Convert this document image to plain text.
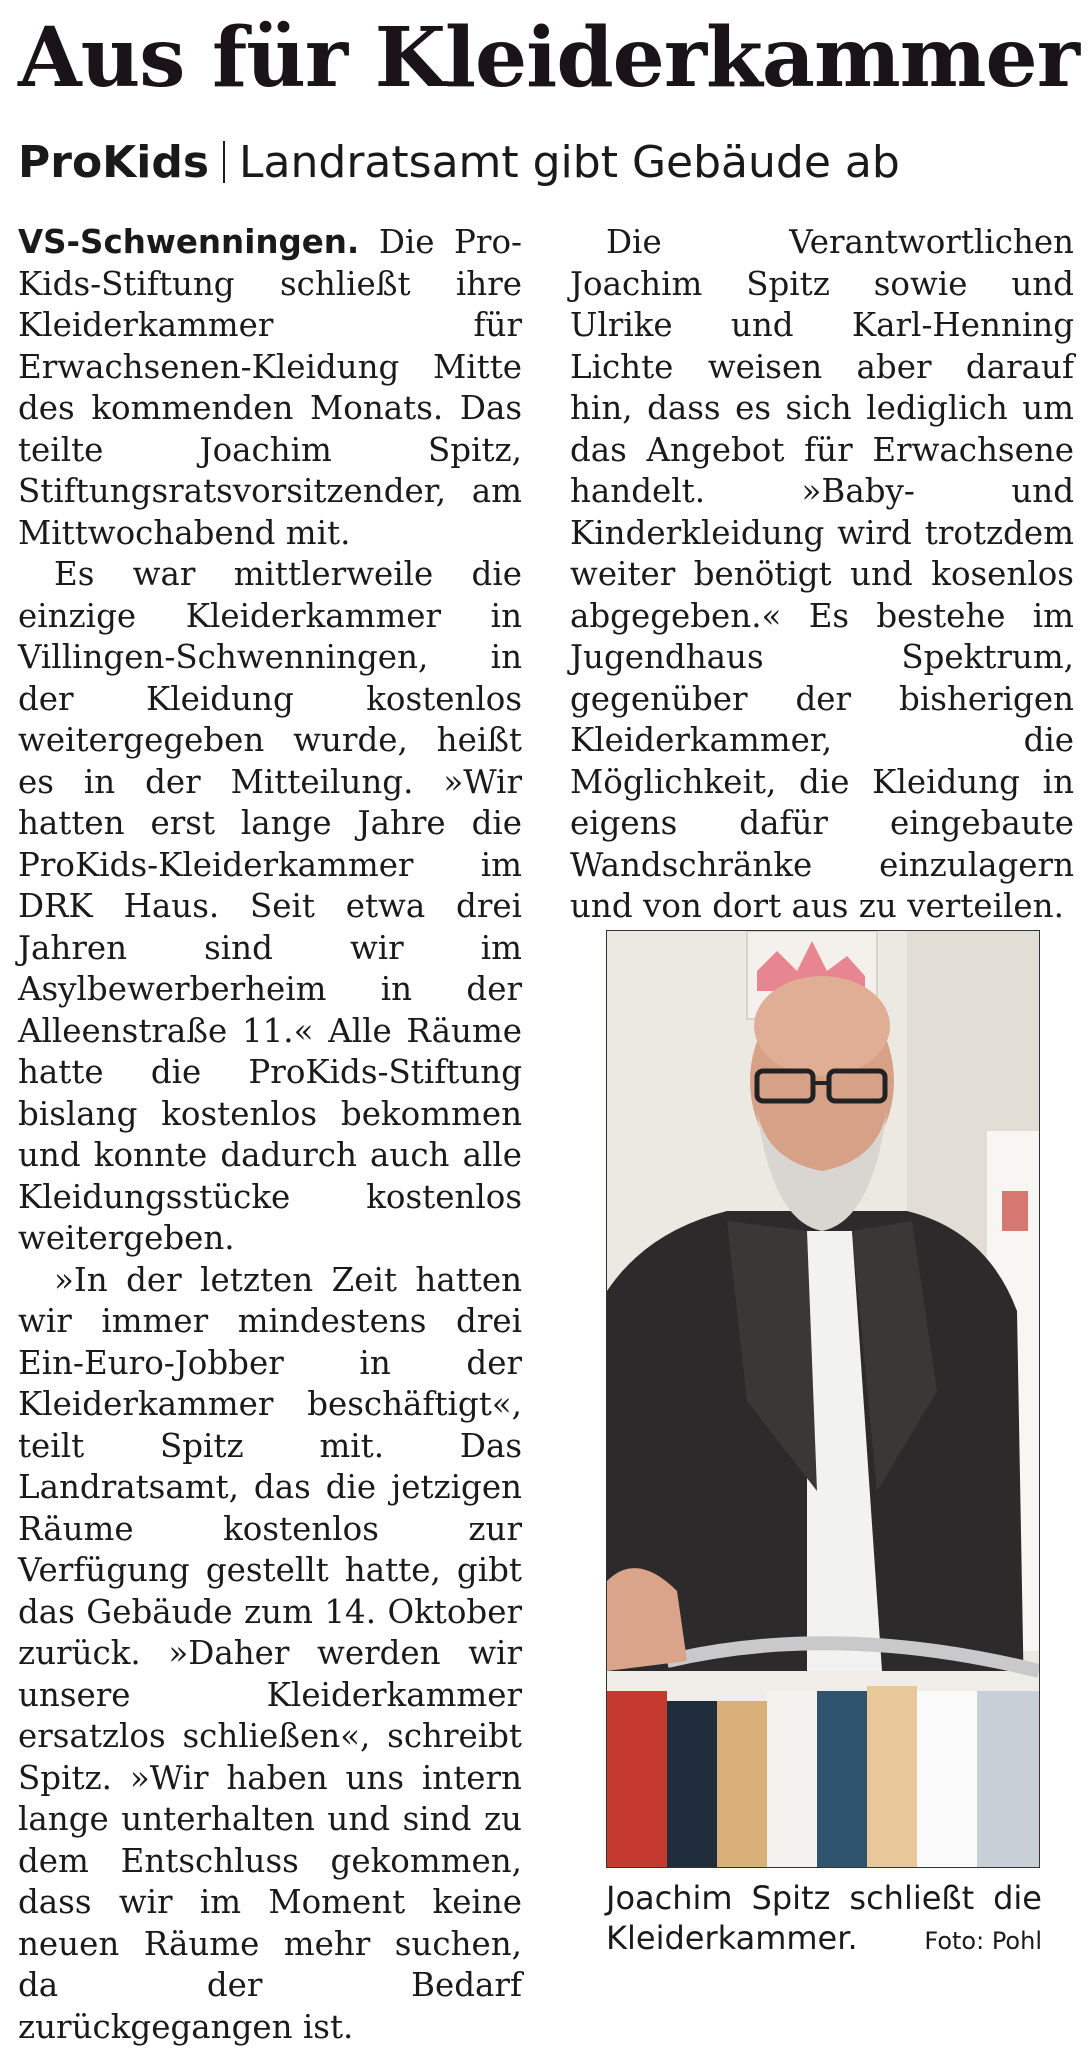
Aus für Kleiderkammer
ProKids Landratsamt gibt Gebäude ab

VS-Schwenningen. Die Pro-Kids-Stiftung schließt ihre Kleiderkammer für Erwachsenen-Kleidung Mitte des kommenden Monats. Das teilte Joachim Spitz, Stiftungsratsvorsitzender, am Mittwochabend mit.

Es war mittlerweile die einzige Kleiderkammer in Villingen-Schwenningen, in der Kleidung kostenlos weitergegeben wurde, heißt es in der Mitteilung. »Wir hatten erst lange Jahre die ProKids-Kleiderkammer im DRK Haus. Seit etwa drei Jahren sind wir im Asylbewerberheim in der Alleenstraße 11.« Alle Räume hatte die ProKids-Stiftung bislang kostenlos bekommen und konnte dadurch auch alle Kleidungsstücke kostenlos weitergeben.

»In der letzten Zeit hatten wir immer mindestens drei Ein-Euro-Jobber in der Kleiderkammer beschäftigt«, teilt Spitz mit. Das Landratsamt, das die jetzigen Räume kostenlos zur Verfügung gestellt hatte, gibt das Gebäude zum 14. Oktober zurück. »Daher werden wir unsere Kleiderkammer ersatzlos schließen«, schreibt Spitz. »Wir haben uns intern lange unterhalten und sind zu dem Entschluss gekommen, dass wir im Moment keine neuen Räume mehr suchen, da der Bedarf zurückgegangen ist.

Die Verantwortlichen Joachim Spitz sowie und Ulrike und Karl-Henning Lichte weisen aber darauf hin, dass es sich lediglich um das Angebot für Erwachsene handelt. »Baby- und Kinderkleidung wird trotzdem weiter benötigt und kosenlos abgegeben.« Es bestehe im Jugendhaus Spektrum, gegenüber der bisherigen Kleiderkammer, die Möglichkeit, die Kleidung in eigens dafür eingebaute Wandschränke einzulagern und von dort aus zu verteilen.

Joachim Spitz schließt die
Kleiderkammer.	Foto: Pohl
